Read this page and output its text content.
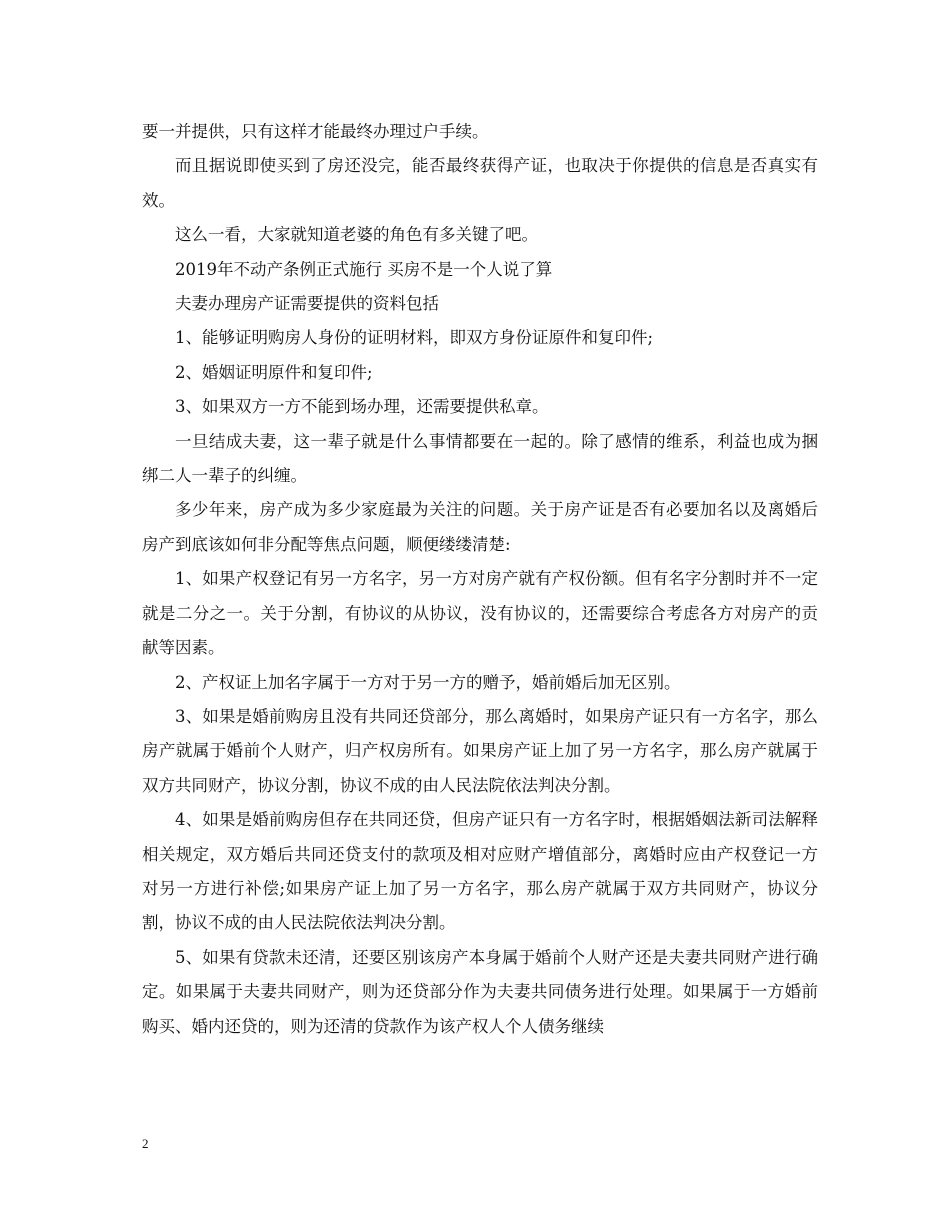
要一并提供，只有这样才能最终办理过户手续。

而且据说即使买到了房还没完，能否最终获得产证，也取决于你提供的信息是否真实有效。

这么一看，大家就知道老婆的角色有多关键了吧。

2019年不动产条例正式施行 买房不是一个人说了算

夫妻办理房产证需要提供的资料包括

1、能够证明购房人身份的证明材料，即双方身份证原件和复印件;

2、婚姻证明原件和复印件;

3、如果双方一方不能到场办理，还需要提供私章。

一旦结成夫妻，这一辈子就是什么事情都要在一起的。除了感情的维系，利益也成为捆绑二人一辈子的纠缠。

多少年来，房产成为多少家庭最为关注的问题。关于房产证是否有必要加名以及离婚后房产到底该如何非分配等焦点问题，顺便缕缕清楚:

1、如果产权登记有另一方名字，另一方对房产就有产权份额。但有名字分割时并不一定就是二分之一。关于分割，有协议的从协议，没有协议的，还需要综合考虑各方对房产的贡献等因素。

2、产权证上加名字属于一方对于另一方的赠予，婚前婚后加无区别。

3、如果是婚前购房且没有共同还贷部分，那么离婚时，如果房产证只有一方名字，那么房产就属于婚前个人财产，归产权房所有。如果房产证上加了另一方名字，那么房产就属于双方共同财产，协议分割，协议不成的由人民法院依法判决分割。

4、如果是婚前购房但存在共同还贷，但房产证只有一方名字时，根据婚姻法新司法解释相关规定，双方婚后共同还贷支付的款项及相对应财产增值部分，离婚时应由产权登记一方对另一方进行补偿;如果房产证上加了另一方名字，那么房产就属于双方共同财产，协议分割，协议不成的由人民法院依法判决分割。

5、如果有贷款未还清，还要区别该房产本身属于婚前个人财产还是夫妻共同财产进行确定。如果属于夫妻共同财产，则为还贷部分作为夫妻共同债务进行处理。如果属于一方婚前购买、婚内还贷的，则为还清的贷款作为该产权人个人债务继续

2
